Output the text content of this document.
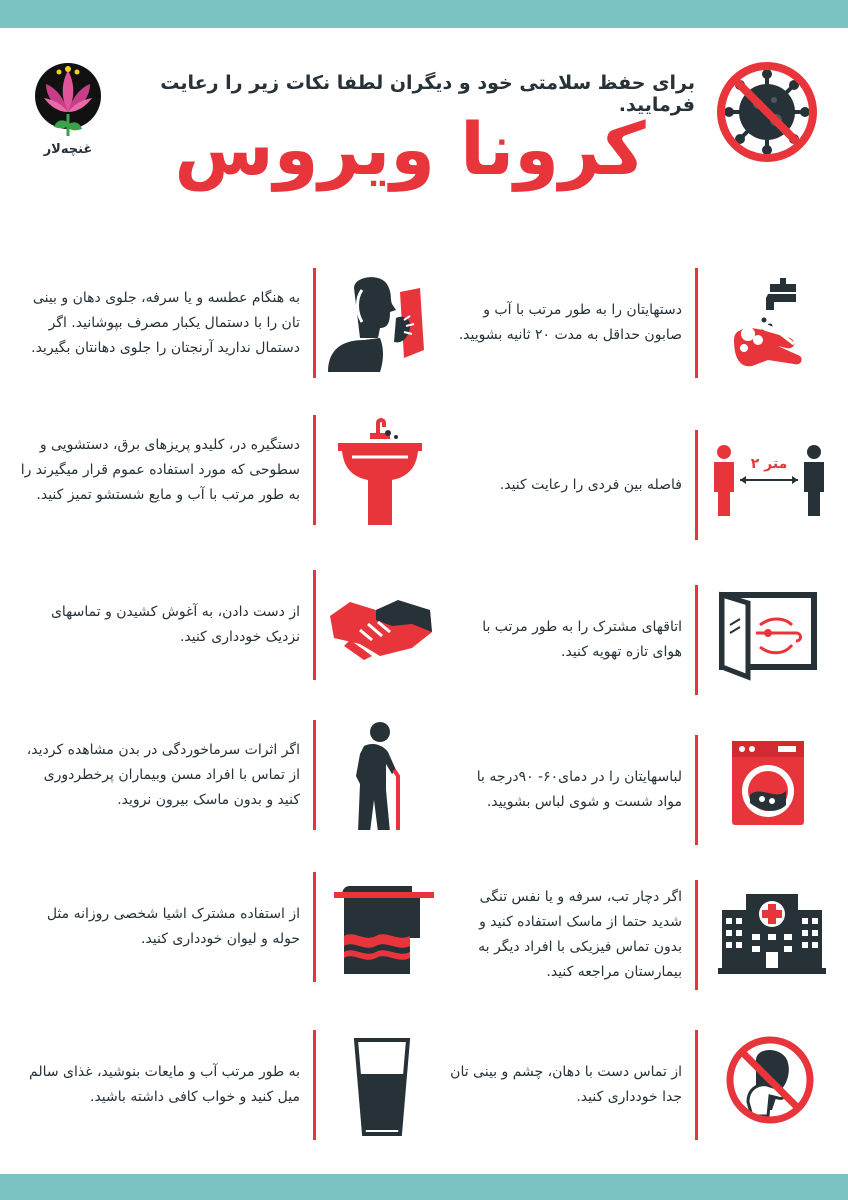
غنچه‌لار
برای حفظ سلامتی خود و دیگران لطفا نکات زیر را رعایت فرمایید.
کرونا ویروس
دستهایتان را به طور مرتب با آب و صابون حداقل به مدت ۲۰ ثانیه بشویید.
فاصله بین فردی را رعایت کنید.
۲ متر
اتاقهای مشترک را به طور مرتب با هوای تازه تهویه کنید.
لباسهایتان را در دمای۶۰- ۹۰درجه با مواد شست و شوی لباس بشویید.
اگر دچار تب، سرفه و یا نفس تنگی شدید حتما از ماسک استفاده کنید و بدون تماس فیزیکی با افراد دیگر به بیمارستان مراجعه کنید.
از تماس دست با دهان، چشم و بینی تان جدا خودداری کنید.
به هنگام عطسه و یا سرفه، جلوی دهان و بینی تان را با دستمال یکبار مصرف بپوشانید. اگر دستمال ندارید آرنجتان را جلوی دهانتان بگیرید.
دستگیره در، کلیدو پریزهای برق، دستشویی و سطوحی که مورد استفاده عموم قرار میگیرند را به طور مرتب با آب و مایع شستشو تمیز کنید.
از دست دادن، به آغوش کشیدن و تماسهای نزدیک خودداری کنید.
اگر اثرات سرماخوردگی در بدن مشاهده کردید، از تماس با افراد مسن وبیماران پرخطردوری کنید و بدون ماسک بیرون نروید.
از استفاده مشترک اشیا شخصی روزانه مثل حوله و لیوان خودداری کنید.
به طور مرتب آب و مایعات بنوشید، غذای سالم میل کنید و خواب کافی داشته باشید.
